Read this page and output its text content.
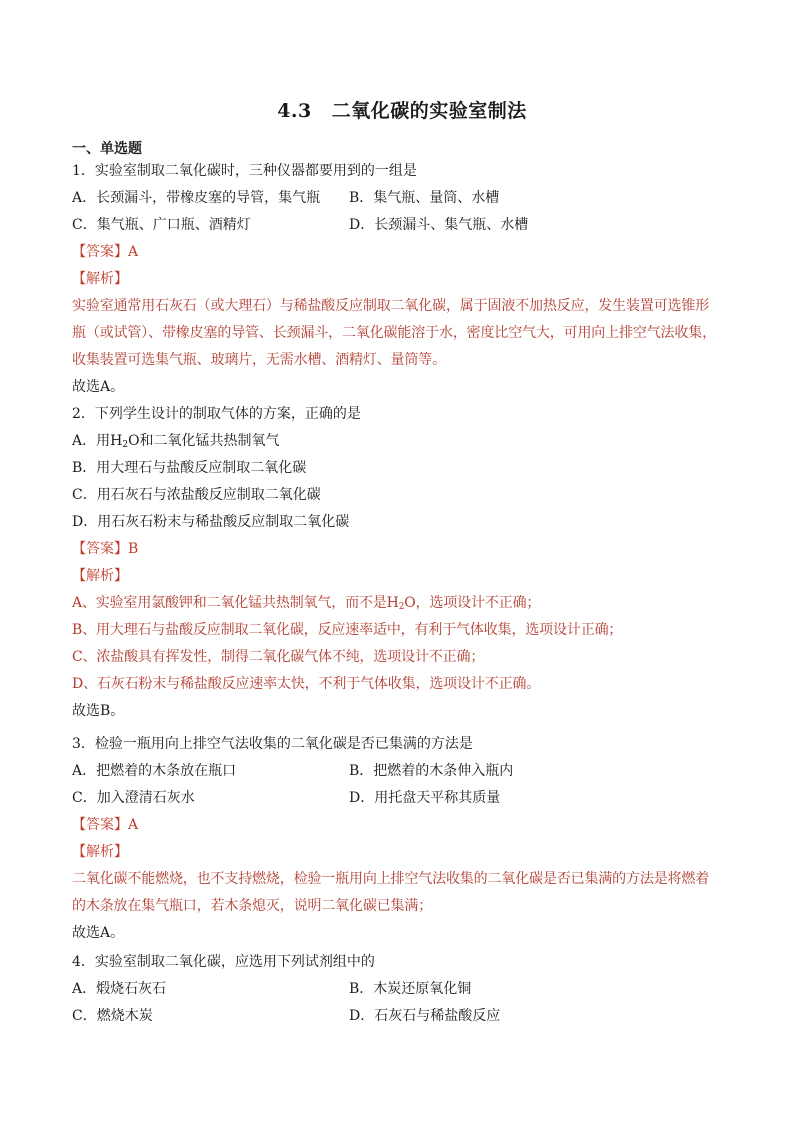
4.3 二氧化碳的实验室制法
一、单选题
1．实验室制取二氧化碳时，三种仪器都要用到的一组是
A．长颈漏斗，带橡皮塞的导管，集气瓶	B．集气瓶、量筒、水槽
C．集气瓶、广口瓶、酒精灯	D．长颈漏斗、集气瓶、水槽
【答案】A
【解析】
实验室通常用石灰石（或大理石）与稀盐酸反应制取二氧化碳，属于固液不加热反应，发生装置可选锥形
瓶（或试管）、带橡皮塞的导管、长颈漏斗，二氧化碳能溶于水，密度比空气大，可用向上排空气法收集，
收集装置可选集气瓶、玻璃片，无需水槽、酒精灯、量筒等。
故选A。
2．下列学生设计的制取气体的方案，正确的是
A．用$H_2O$和二氧化锰共热制氧气
B．用大理石与盐酸反应制取二氧化碳
C．用石灰石与浓盐酸反应制取二氧化碳
D．用石灰石粉末与稀盐酸反应制取二氧化碳
【答案】B
【解析】
A、实验室用氯酸钾和二氧化锰共热制氧气，而不是$H_2O$，选项设计不正确；
B、用大理石与盐酸反应制取二氧化碳，反应速率适中，有利于气体收集，选项设计正确；
C、浓盐酸具有挥发性，制得二氧化碳气体不纯，选项设计不正确；
D、石灰石粉末与稀盐酸反应速率太快，不利于气体收集，选项设计不正确。
故选B。
3．检验一瓶用向上排空气法收集的二氧化碳是否已集满的方法是
A．把燃着的木条放在瓶口	B．把燃着的木条伸入瓶内
C．加入澄清石灰水	D．用托盘天平称其质量
【答案】A
【解析】
二氧化碳不能燃烧，也不支持燃烧，检验一瓶用向上排空气法收集的二氧化碳是否已集满的方法是将燃着
的木条放在集气瓶口，若木条熄灭，说明二氧化碳已集满；
故选A。
4．实验室制取二氧化碳，应选用下列试剂组中的
A．煅烧石灰石	B．木炭还原氧化铜
C．燃烧木炭	D．石灰石与稀盐酸反应
